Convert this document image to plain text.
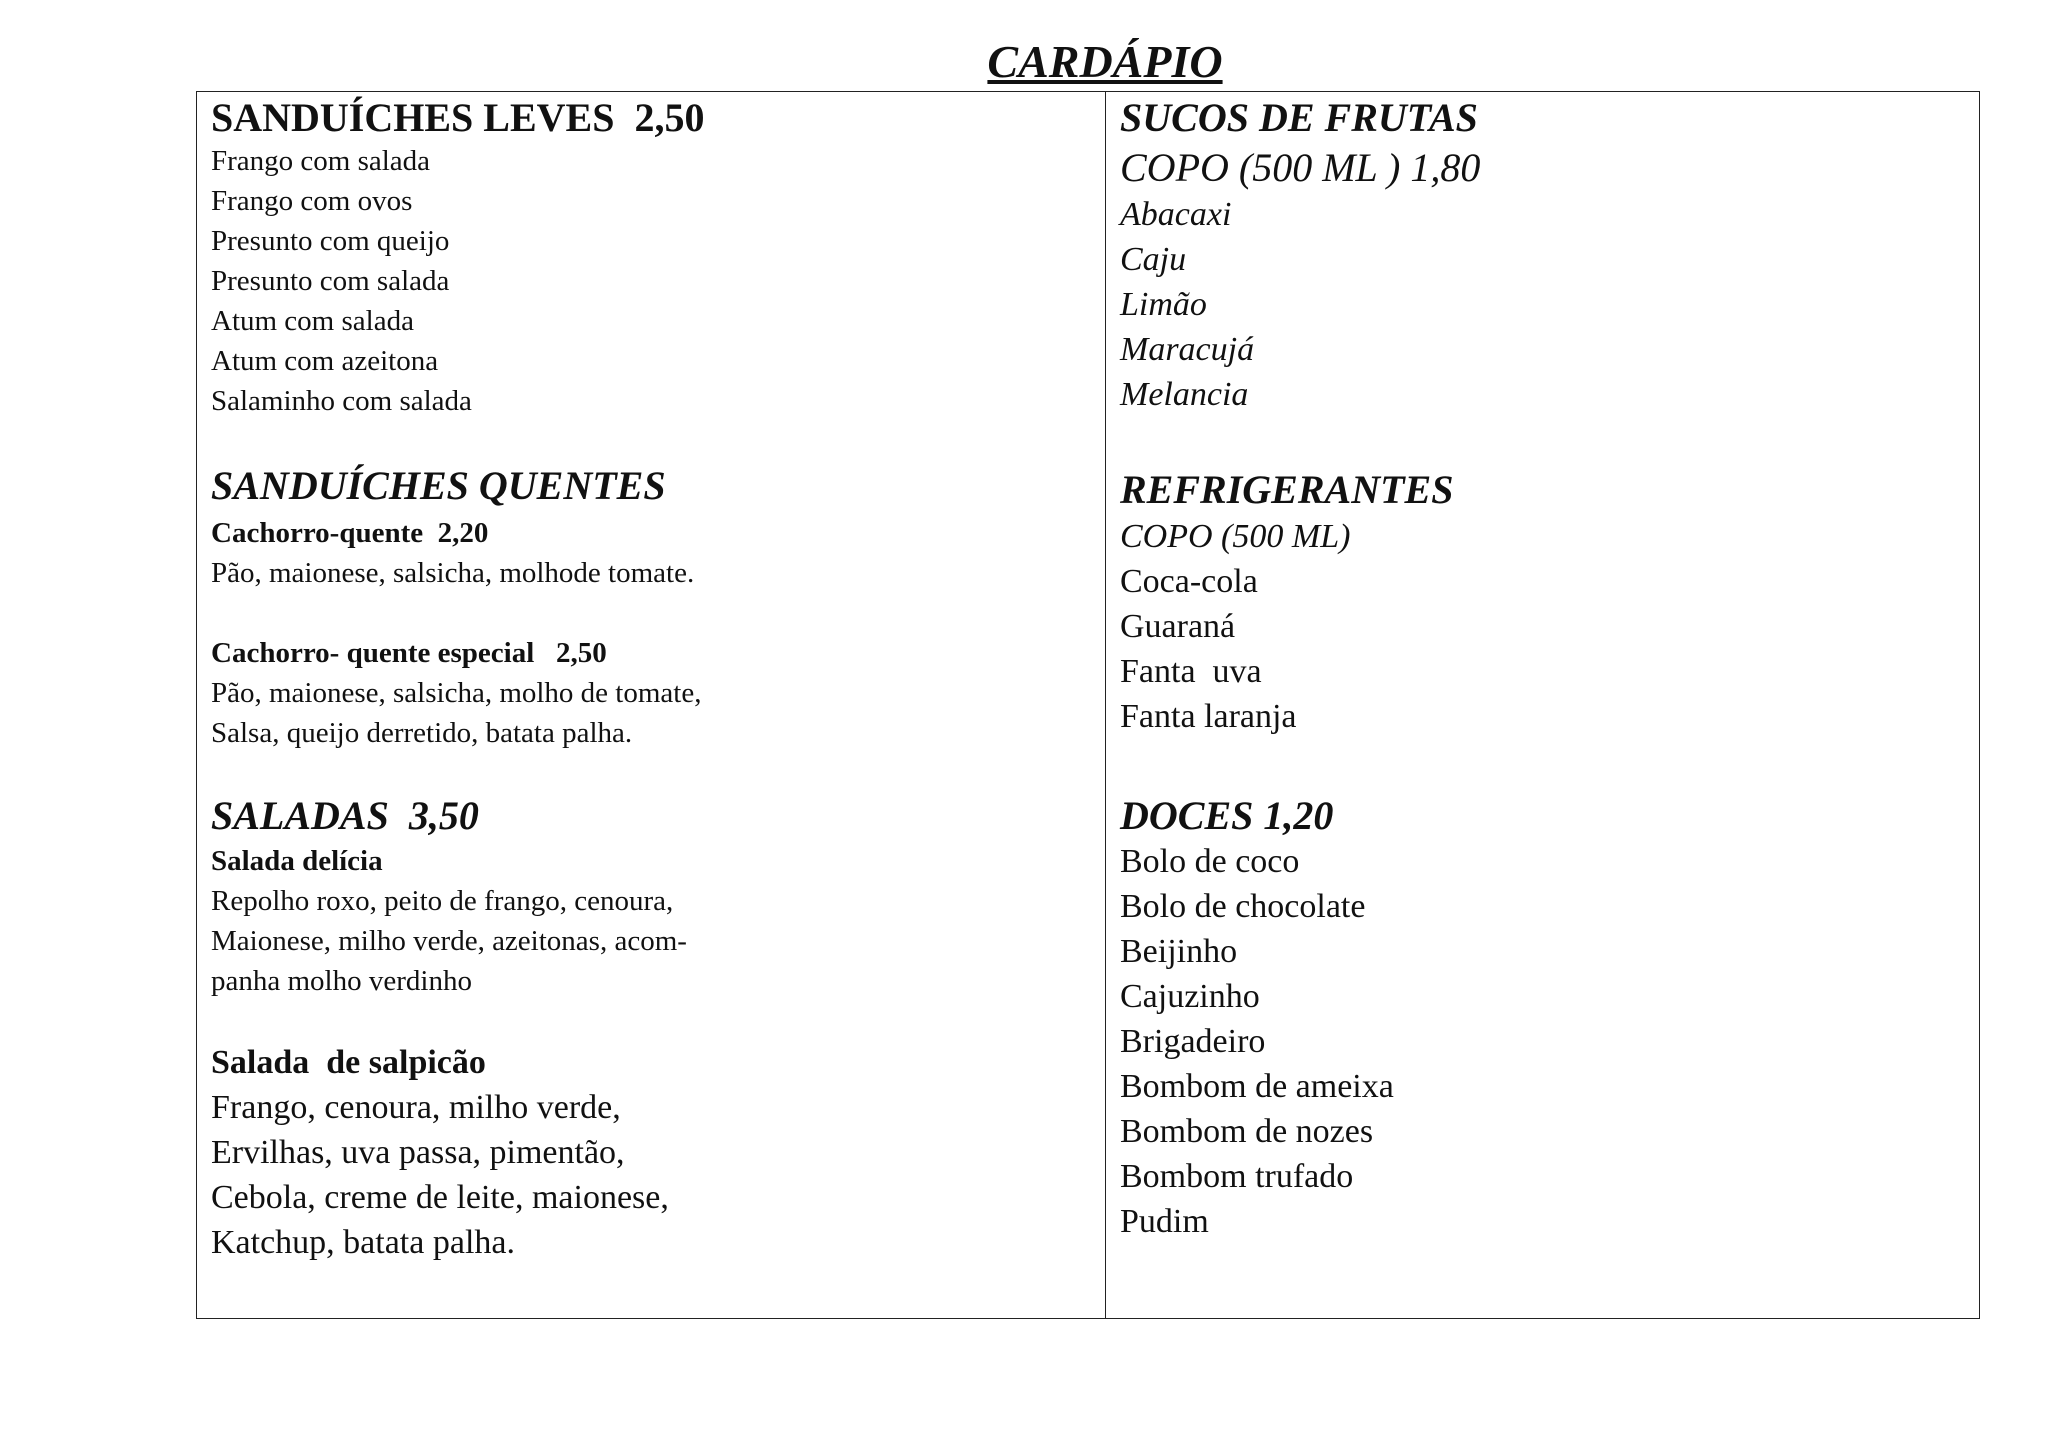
CARDÁPIO
SANDUÍCHES LEVES  2,50
Frango com salada
Frango com ovos
Presunto com queijo
Presunto com salada
Atum com salada
Atum com azeitona
Salaminho com salada
SANDUÍCHES QUENTES
Cachorro-quente  2,20
Pão, maionese, salsicha, molhode tomate.
Cachorro- quente especial   2,50
Pão, maionese, salsicha, molho de tomate,
Salsa, queijo derretido, batata palha.
SALADAS  3,50
Salada delícia
Repolho roxo, peito de frango, cenoura,
Maionese, milho verde, azeitonas, acom-
panha molho verdinho
Salada  de salpicão
Frango, cenoura, milho verde,
Ervilhas, uva passa, pimentão,
Cebola, creme de leite, maionese,
Katchup, batata palha.
SUCOS DE FRUTAS
COPO (500 ML ) 1,80
Abacaxi
Caju
Limão
Maracujá
Melancia
REFRIGERANTES
COPO (500 ML)
Coca-cola
Guaraná
Fanta  uva
Fanta laranja
DOCES 1,20
Bolo de coco
Bolo de chocolate
Beijinho
Cajuzinho
Brigadeiro
Bombom de ameixa
Bombom de nozes
Bombom trufado
Pudim
